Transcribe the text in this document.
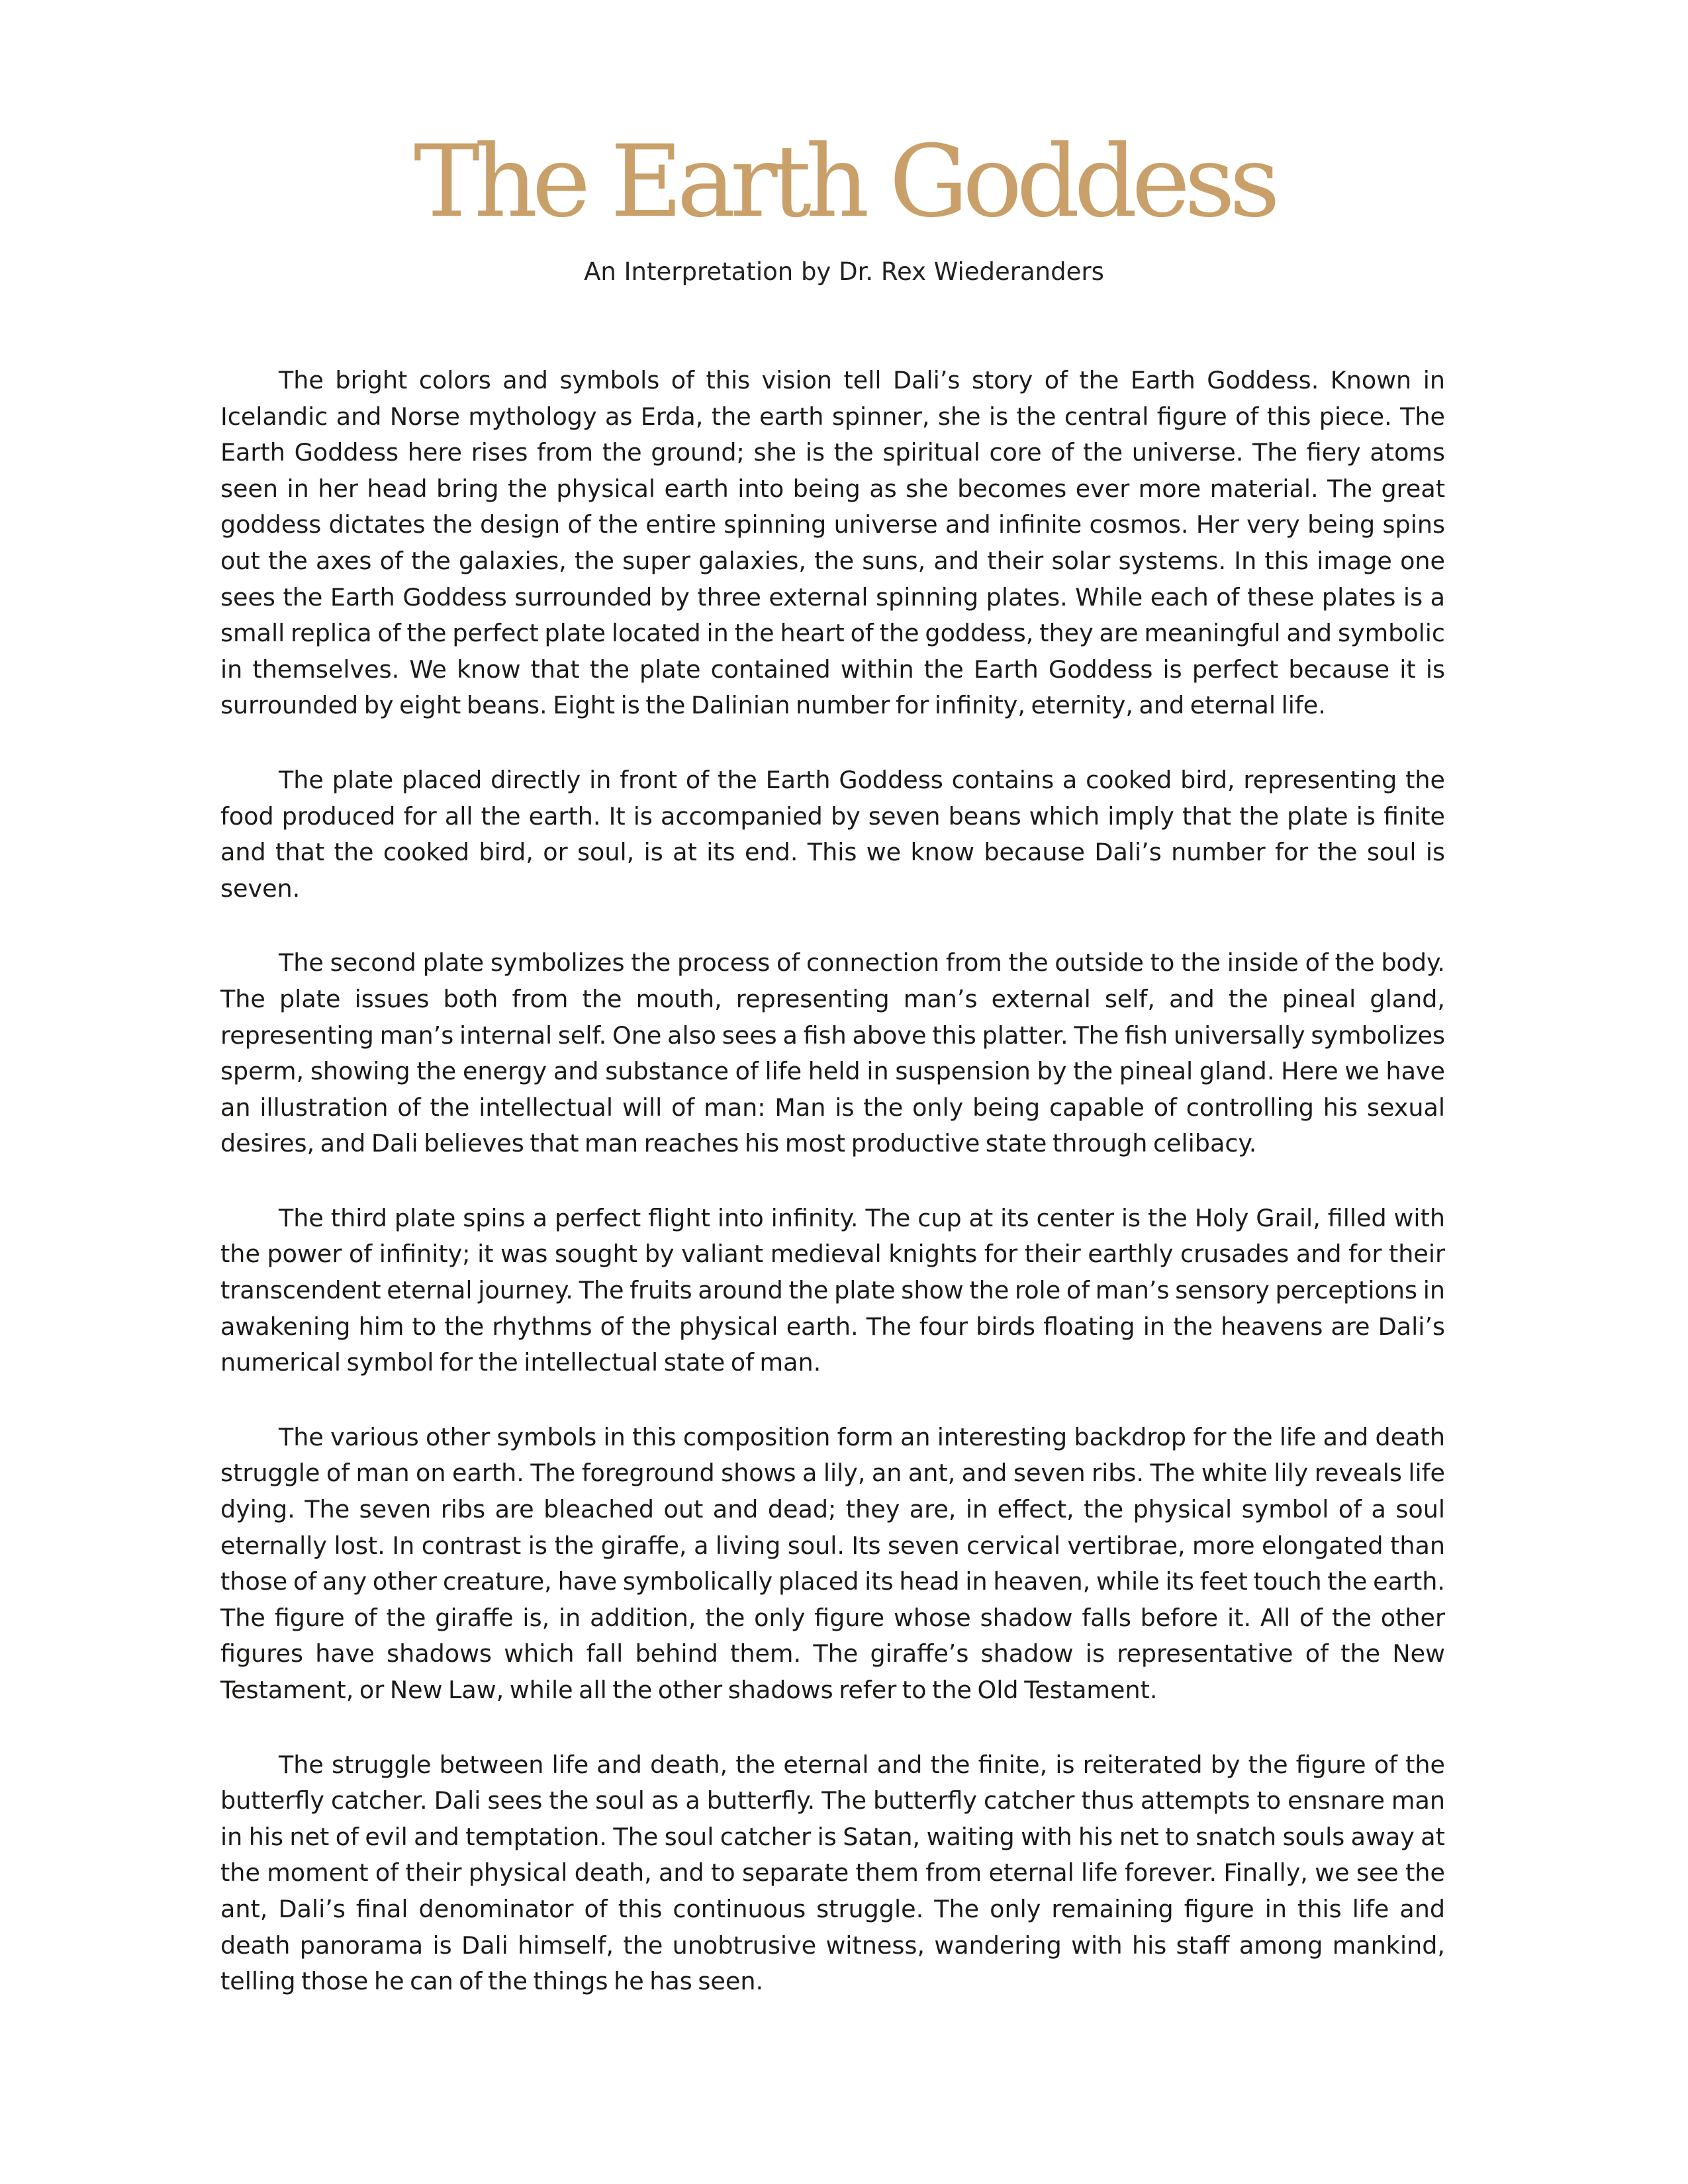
The Earth Goddess

An Interpretation by Dr. Rex Wiederanders

The bright colors and symbols of this vision tell Dali’s story of the Earth Goddess. Known in Icelandic and Norse mythology as Erda, the earth spinner, she is the central figure of this piece. The Earth Goddess here rises from the ground; she is the spiritual core of the universe. The fiery atoms seen in her head bring the physical earth into being as she becomes ever more material. The great goddess dictates the design of the entire spinning universe and infinite cosmos. Her very being spins out the axes of the galaxies, the super galaxies, the suns, and their solar systems. In this image one sees the Earth Goddess surrounded by three external spinning plates. While each of these plates is a small replica of the perfect plate located in the heart of the goddess, they are meaningful and symbolic in themselves. We know that the plate contained within the Earth Goddess is perfect because it is surrounded by eight beans. Eight is the Dalinian number for infinity, eternity, and eternal life.

The plate placed directly in front of the Earth Goddess contains a cooked bird, representing the food produced for all the earth. It is accompanied by seven beans which imply that the plate is finite and that the cooked bird, or soul, is at its end. This we know because Dali’s number for the soul is seven.

The second plate symbolizes the process of connection from the outside to the inside of the body. The plate issues both from the mouth, representing man’s external self, and the pineal gland, representing man’s internal self. One also sees a fish above this platter. The fish universally symbolizes sperm, showing the energy and substance of life held in suspension by the pineal gland. Here we have an illustration of the intellectual will of man: Man is the only being capable of controlling his sexual desires, and Dali believes that man reaches his most productive state through celibacy.

The third plate spins a perfect flight into infinity. The cup at its center is the Holy Grail, filled with the power of infinity; it was sought by valiant medieval knights for their earthly crusades and for their transcendent eternal journey. The fruits around the plate show the role of man’s sensory perceptions in awakening him to the rhythms of the physical earth. The four birds floating in the heavens are Dali’s numerical symbol for the intellectual state of man.

The various other symbols in this composition form an interesting backdrop for the life and death struggle of man on earth. The foreground shows a lily, an ant, and seven ribs. The white lily reveals life dying. The seven ribs are bleached out and dead; they are, in effect, the physical symbol of a soul eternally lost. In contrast is the giraffe, a living soul. Its seven cervical vertibrae, more elongated than those of any other creature, have symbolically placed its head in heaven, while its feet touch the earth. The figure of the giraffe is, in addition, the only figure whose shadow falls before it. All of the other figures have shadows which fall behind them. The giraffe’s shadow is representative of the New Testament, or New Law, while all the other shadows refer to the Old Testament.

The struggle between life and death, the eternal and the finite, is reiterated by the figure of the butterfly catcher. Dali sees the soul as a butterfly. The butterfly catcher thus attempts to ensnare man in his net of evil and temptation. The soul catcher is Satan, waiting with his net to snatch souls away at the moment of their physical death, and to separate them from eternal life forever. Finally, we see the ant, Dali’s final denominator of this continuous struggle. The only remaining figure in this life and death panorama is Dali himself, the unobtrusive witness, wandering with his staff among mankind, telling those he can of the things he has seen.
